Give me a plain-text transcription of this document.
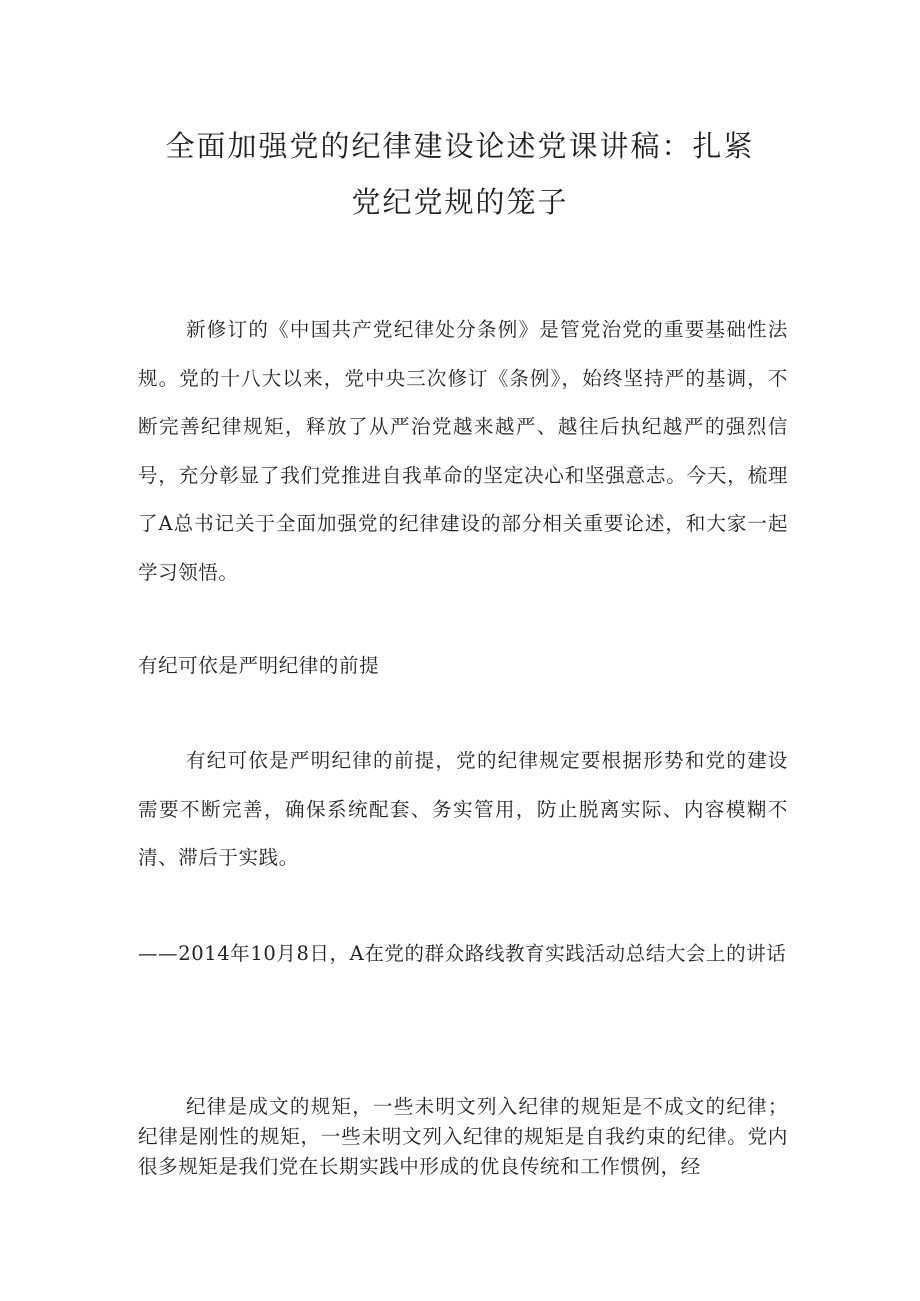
全面加强党的纪律建设论述党课讲稿：扎紧
党纪党规的笼子

新修订的《中国共产党纪律处分条例》是管党治党的重要基础性法规。党的十八大以来，党中央三次修订《条例》，始终坚持严的基调，不断完善纪律规矩，释放了从严治党越来越严、越往后执纪越严的强烈信号，充分彰显了我们党推进自我革命的坚定决心和坚强意志。今天，梳理了A总书记关于全面加强党的纪律建设的部分相关重要论述，和大家一起学习领悟。

有纪可依是严明纪律的前提

有纪可依是严明纪律的前提，党的纪律规定要根据形势和党的建设需要不断完善，确保系统配套、务实管用，防止脱离实际、内容模糊不清、滞后于实践。

——2014年10月8日，A在党的群众路线教育实践活动总结大会上的讲话

纪律是成文的规矩，一些未明文列入纪律的规矩是不成文的纪律；纪律是刚性的规矩，一些未明文列入纪律的规矩是自我约束的纪律。党内很多规矩是我们党在长期实践中形成的优良传统和工作惯例，经
